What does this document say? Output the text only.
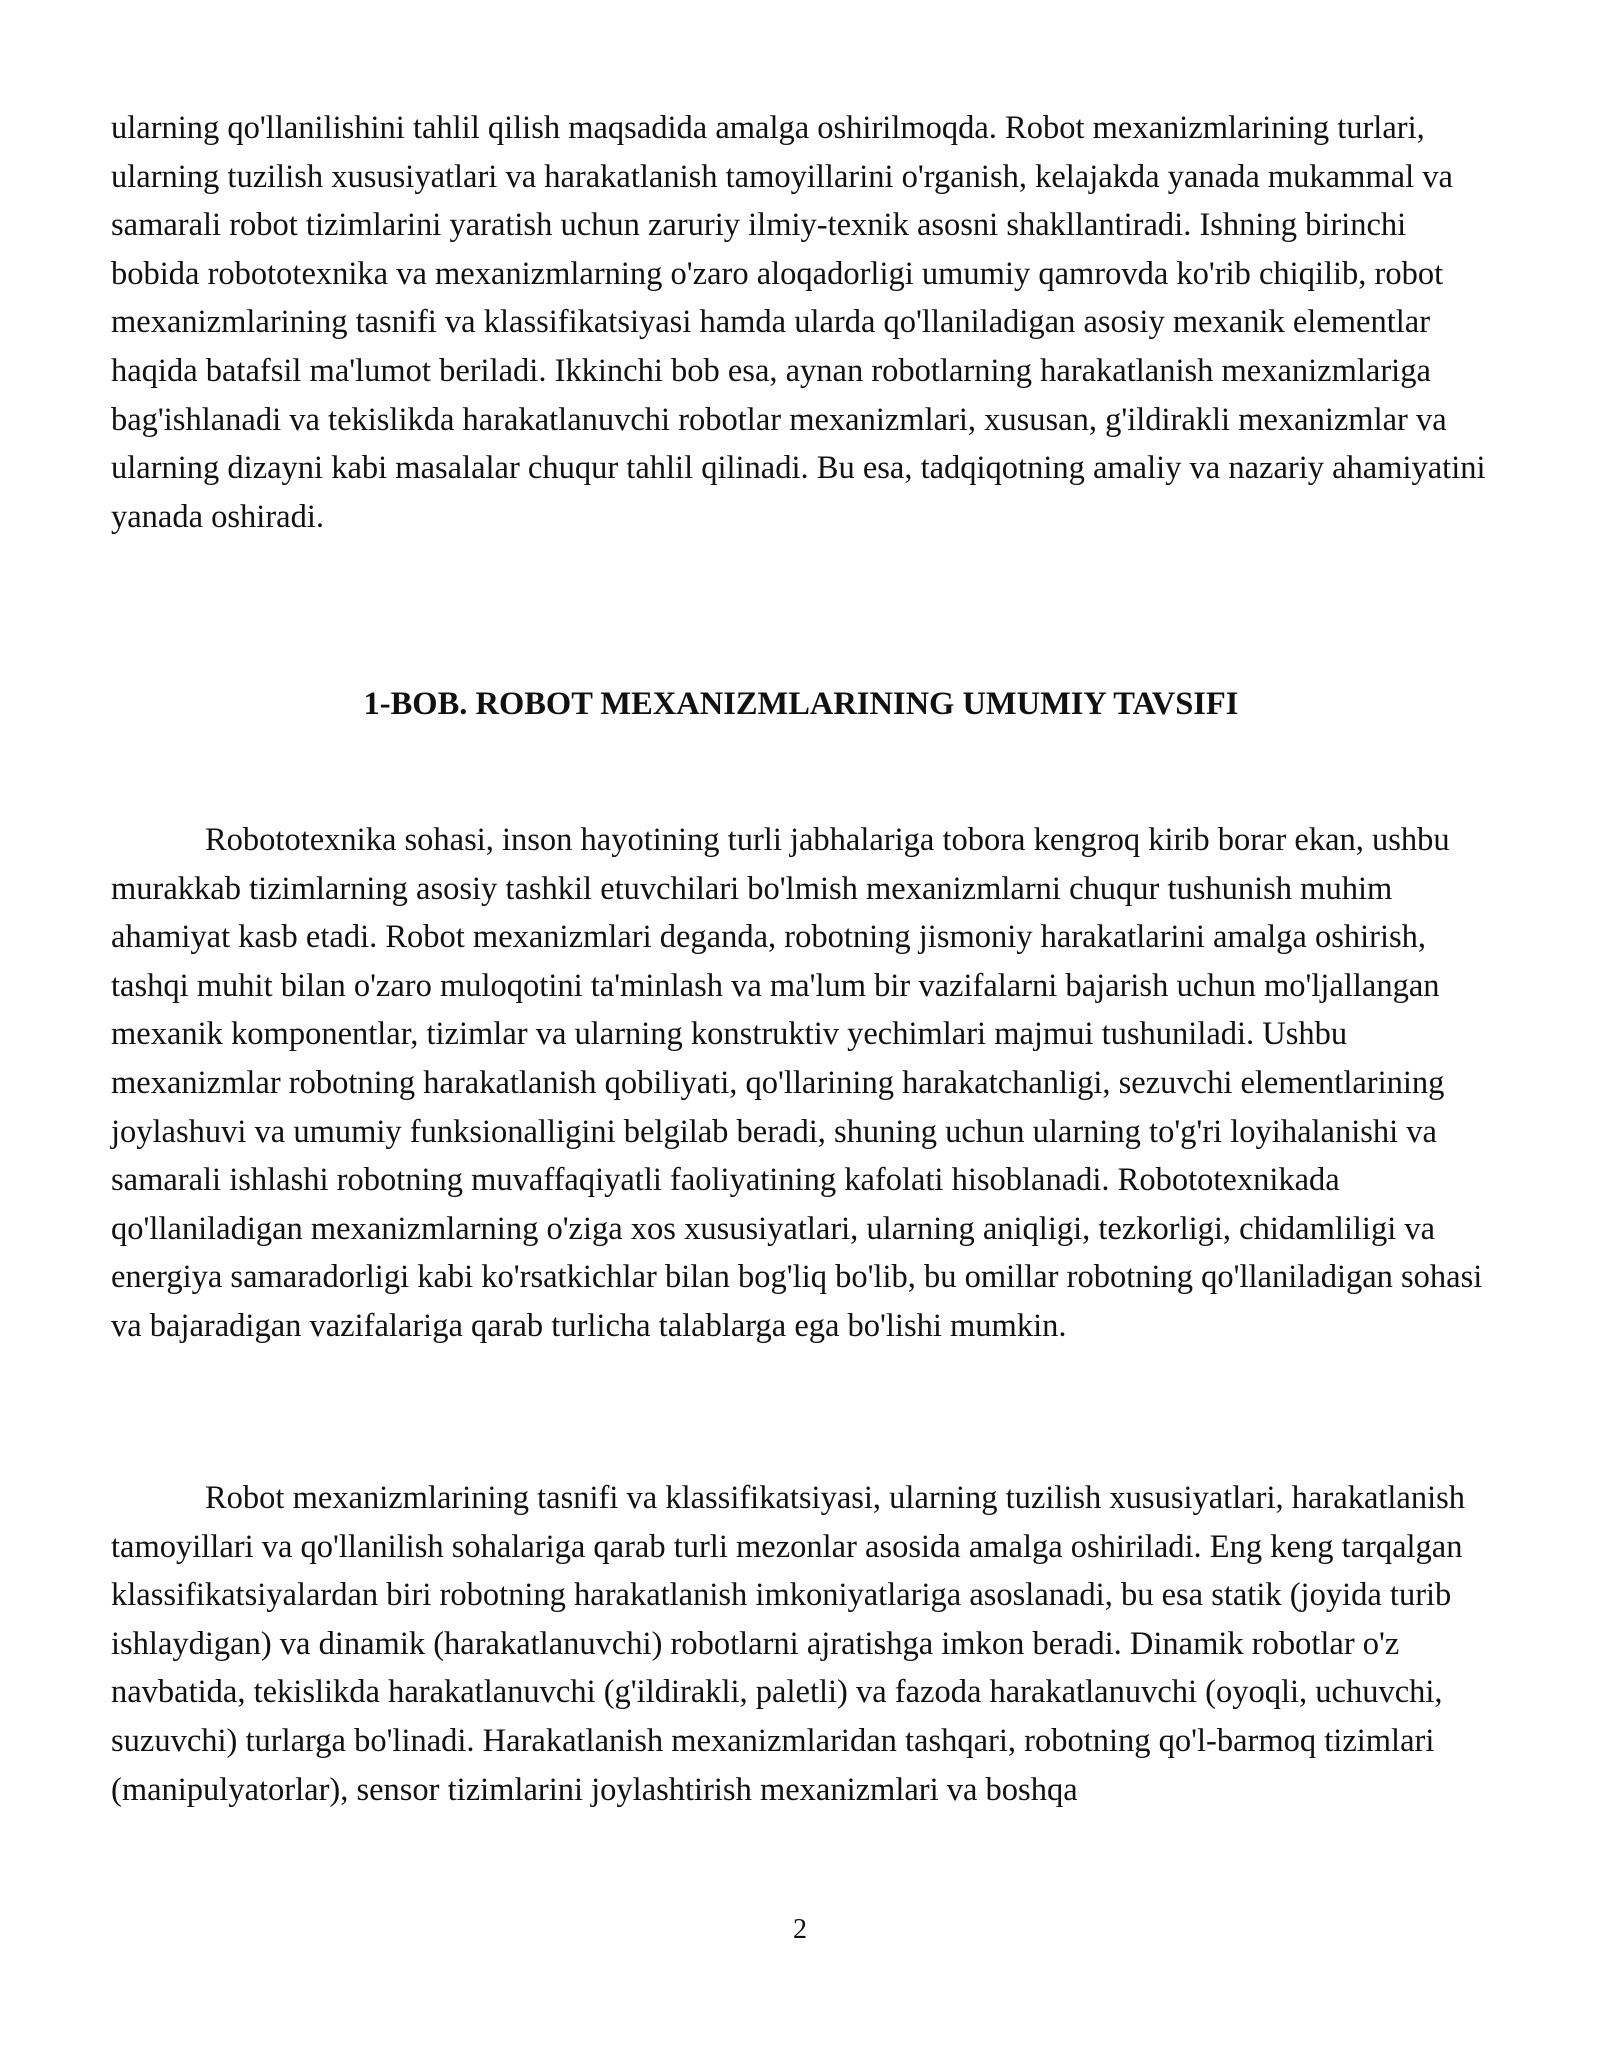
ularning qo'llanilishini tahlil qilish maqsadida amalga oshirilmoqda. Robot mexanizmlarining turlari, ularning tuzilish xususiyatlari va harakatlanish tamoyillarini o'rganish, kelajakda yanada mukammal va samarali robot tizimlarini yaratish uchun zaruriy ilmiy-texnik asosni shakllantiradi. Ishning birinchi bobida robototexnika va mexanizmlarning o'zaro aloqadorligi umumiy qamrovda ko'rib chiqilib, robot mexanizmlarining tasnifi va klassifikatsiyasi hamda ularda qo'llaniladigan asosiy mexanik elementlar haqida batafsil ma'lumot beriladi. Ikkinchi bob esa, aynan robotlarning harakatlanish mexanizmlariga bag'ishlanadi va tekislikda harakatlanuvchi robotlar mexanizmlari, xususan, g'ildirakli mexanizmlar va ularning dizayni kabi masalalar chuqur tahlil qilinadi. Bu esa, tadqiqotning amaliy va nazariy ahamiyatini yanada oshiradi.

1-BOB. ROBOT MEXANIZMLARINING UMUMIY TAVSIFI

Robototexnika sohasi, inson hayotining turli jabhalariga tobora kengroq kirib borar ekan, ushbu murakkab tizimlarning asosiy tashkil etuvchilari bo'lmish mexanizmlarni chuqur tushunish muhim ahamiyat kasb etadi. Robot mexanizmlari deganda, robotning jismoniy harakatlarini amalga oshirish, tashqi muhit bilan o'zaro muloqotini ta'minlash va ma'lum bir vazifalarni bajarish uchun mo'ljallangan mexanik komponentlar, tizimlar va ularning konstruktiv yechimlari majmui tushuniladi. Ushbu mexanizmlar robotning harakatlanish qobiliyati, qo'llarining harakatchanligi, sezuvchi elementlarining joylashuvi va umumiy funksionalligini belgilab beradi, shuning uchun ularning to'g'ri loyihalanishi va samarali ishlashi robotning muvaffaqiyatli faoliyatining kafolati hisoblanadi. Robototexnikada qo'llaniladigan mexanizmlarning o'ziga xos xususiyatlari, ularning aniqligi, tezkorligi, chidamliligi va energiya samaradorligi kabi ko'rsatkichlar bilan bog'liq bo'lib, bu omillar robotning qo'llaniladigan sohasi va bajaradigan vazifalariga qarab turlicha talablarga ega bo'lishi mumkin.

Robot mexanizmlarining tasnifi va klassifikatsiyasi, ularning tuzilish xususiyatlari, harakatlanish tamoyillari va qo'llanilish sohalariga qarab turli mezonlar asosida amalga oshiriladi. Eng keng tarqalgan klassifikatsiyalardan biri robotning harakatlanish imkoniyatlariga asoslanadi, bu esa statik (joyida turib ishlaydigan) va dinamik (harakatlanuvchi) robotlarni ajratishga imkon beradi. Dinamik robotlar o'z navbatida, tekislikda harakatlanuvchi (g'ildirakli, paletli) va fazoda harakatlanuvchi (oyoqli, uchuvchi, suzuvchi) turlarga bo'linadi. Harakatlanish mexanizmlaridan tashqari, robotning qo'l-barmoq tizimlari (manipulyatorlar), sensor tizimlarini joylashtirish mexanizmlari va boshqa

2
